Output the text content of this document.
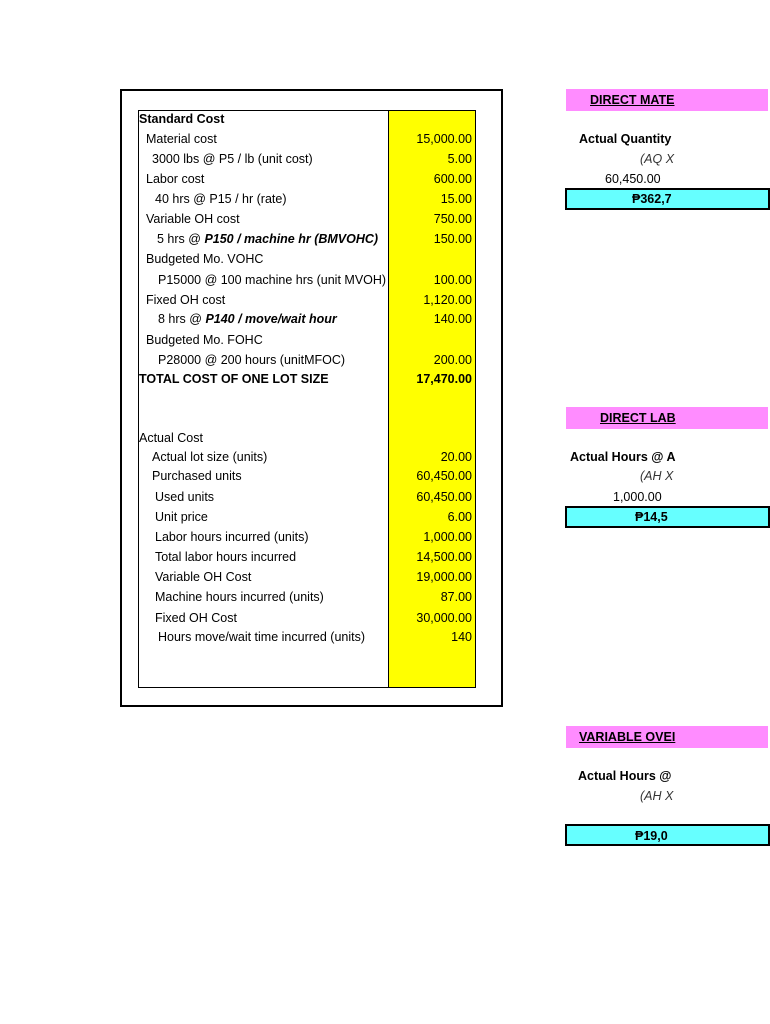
Standard Cost
Material cost	15,000.00
3000 lbs @ P5 / lb (unit cost)	5.00
Labor cost	600.00
40 hrs @ P15 / hr (rate)	15.00
Variable OH cost	750.00
5 hrs @ P150 / machine hr (BMVOHC)	150.00
Budgeted Mo. VOHC
P15000 @ 100 machine hrs (unit MVOH)	100.00
Fixed OH cost	1,120.00
8 hrs @ P140 / move/wait hour	140.00
Budgeted Mo. FOHC
P28000 @ 200 hours (unitMFOC)	200.00
TOTAL COST OF ONE LOT SIZE	17,470.00
Actual Cost
Actual lot size (units)	20.00
Purchased units	60,450.00
Used units	60,450.00
Unit price	6.00
Labor hours incurred (units)	1,000.00
Total labor hours incurred	14,500.00
Variable OH Cost	19,000.00
Machine hours incurred (units)	87.00
Fixed OH Cost	30,000.00
Hours move/wait time incurred (units)	140
DIRECT MATE
Actual Quantity
(AQ X
60,450.00
₱362,7
DIRECT LAB
Actual Hours @ A
(AH X
1,000.00
₱14,5
VARIABLE OVEI
Actual Hours @
(AH X
₱19,0
